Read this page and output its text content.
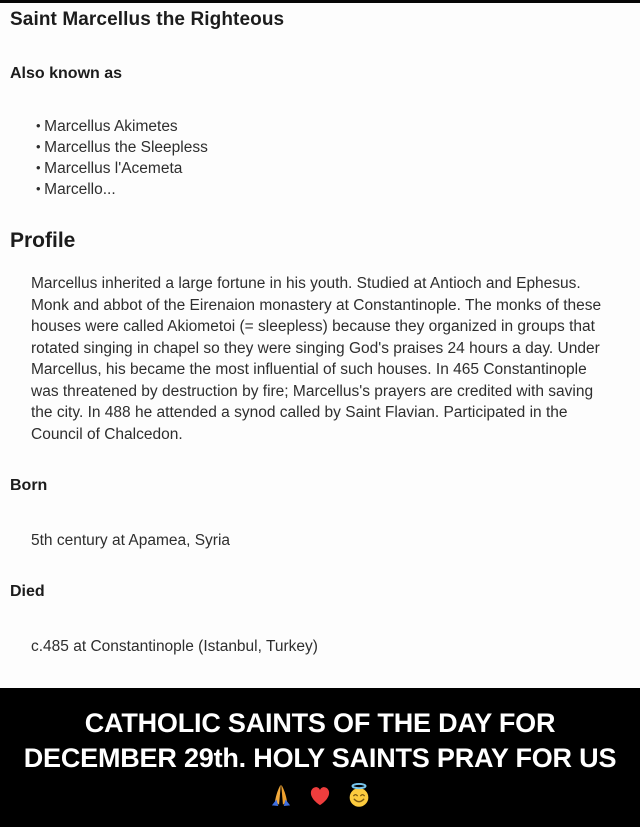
Saint Marcellus the Righteous
Also known as
• Marcellus Akimetes
• Marcellus the Sleepless
• Marcellus l'Acemeta
• Marcello...
Profile

Marcellus inherited a large fortune in his youth. Studied at Antioch and Ephesus. Monk and abbot of the Eirenaion monastery at Constantinople. The monks of these houses were called Akiometoi (= sleepless) because they organized in groups that rotated singing in chapel so they were singing God's praises 24 hours a day. Under Marcellus, his became the most influential of such houses. In 465 Constantinople was threatened by destruction by fire; Marcellus's prayers are credited with saving the city. In 488 he attended a synod called by Saint Flavian. Participated in the Council of Chalcedon.

Born

5th century at Apamea, Syria

Died

c.485 at Constantinople (Istanbul, Turkey)

CATHOLIC SAINTS OF THE DAY FOR
DECEMBER 29th. HOLY SAINTS PRAY FOR US
